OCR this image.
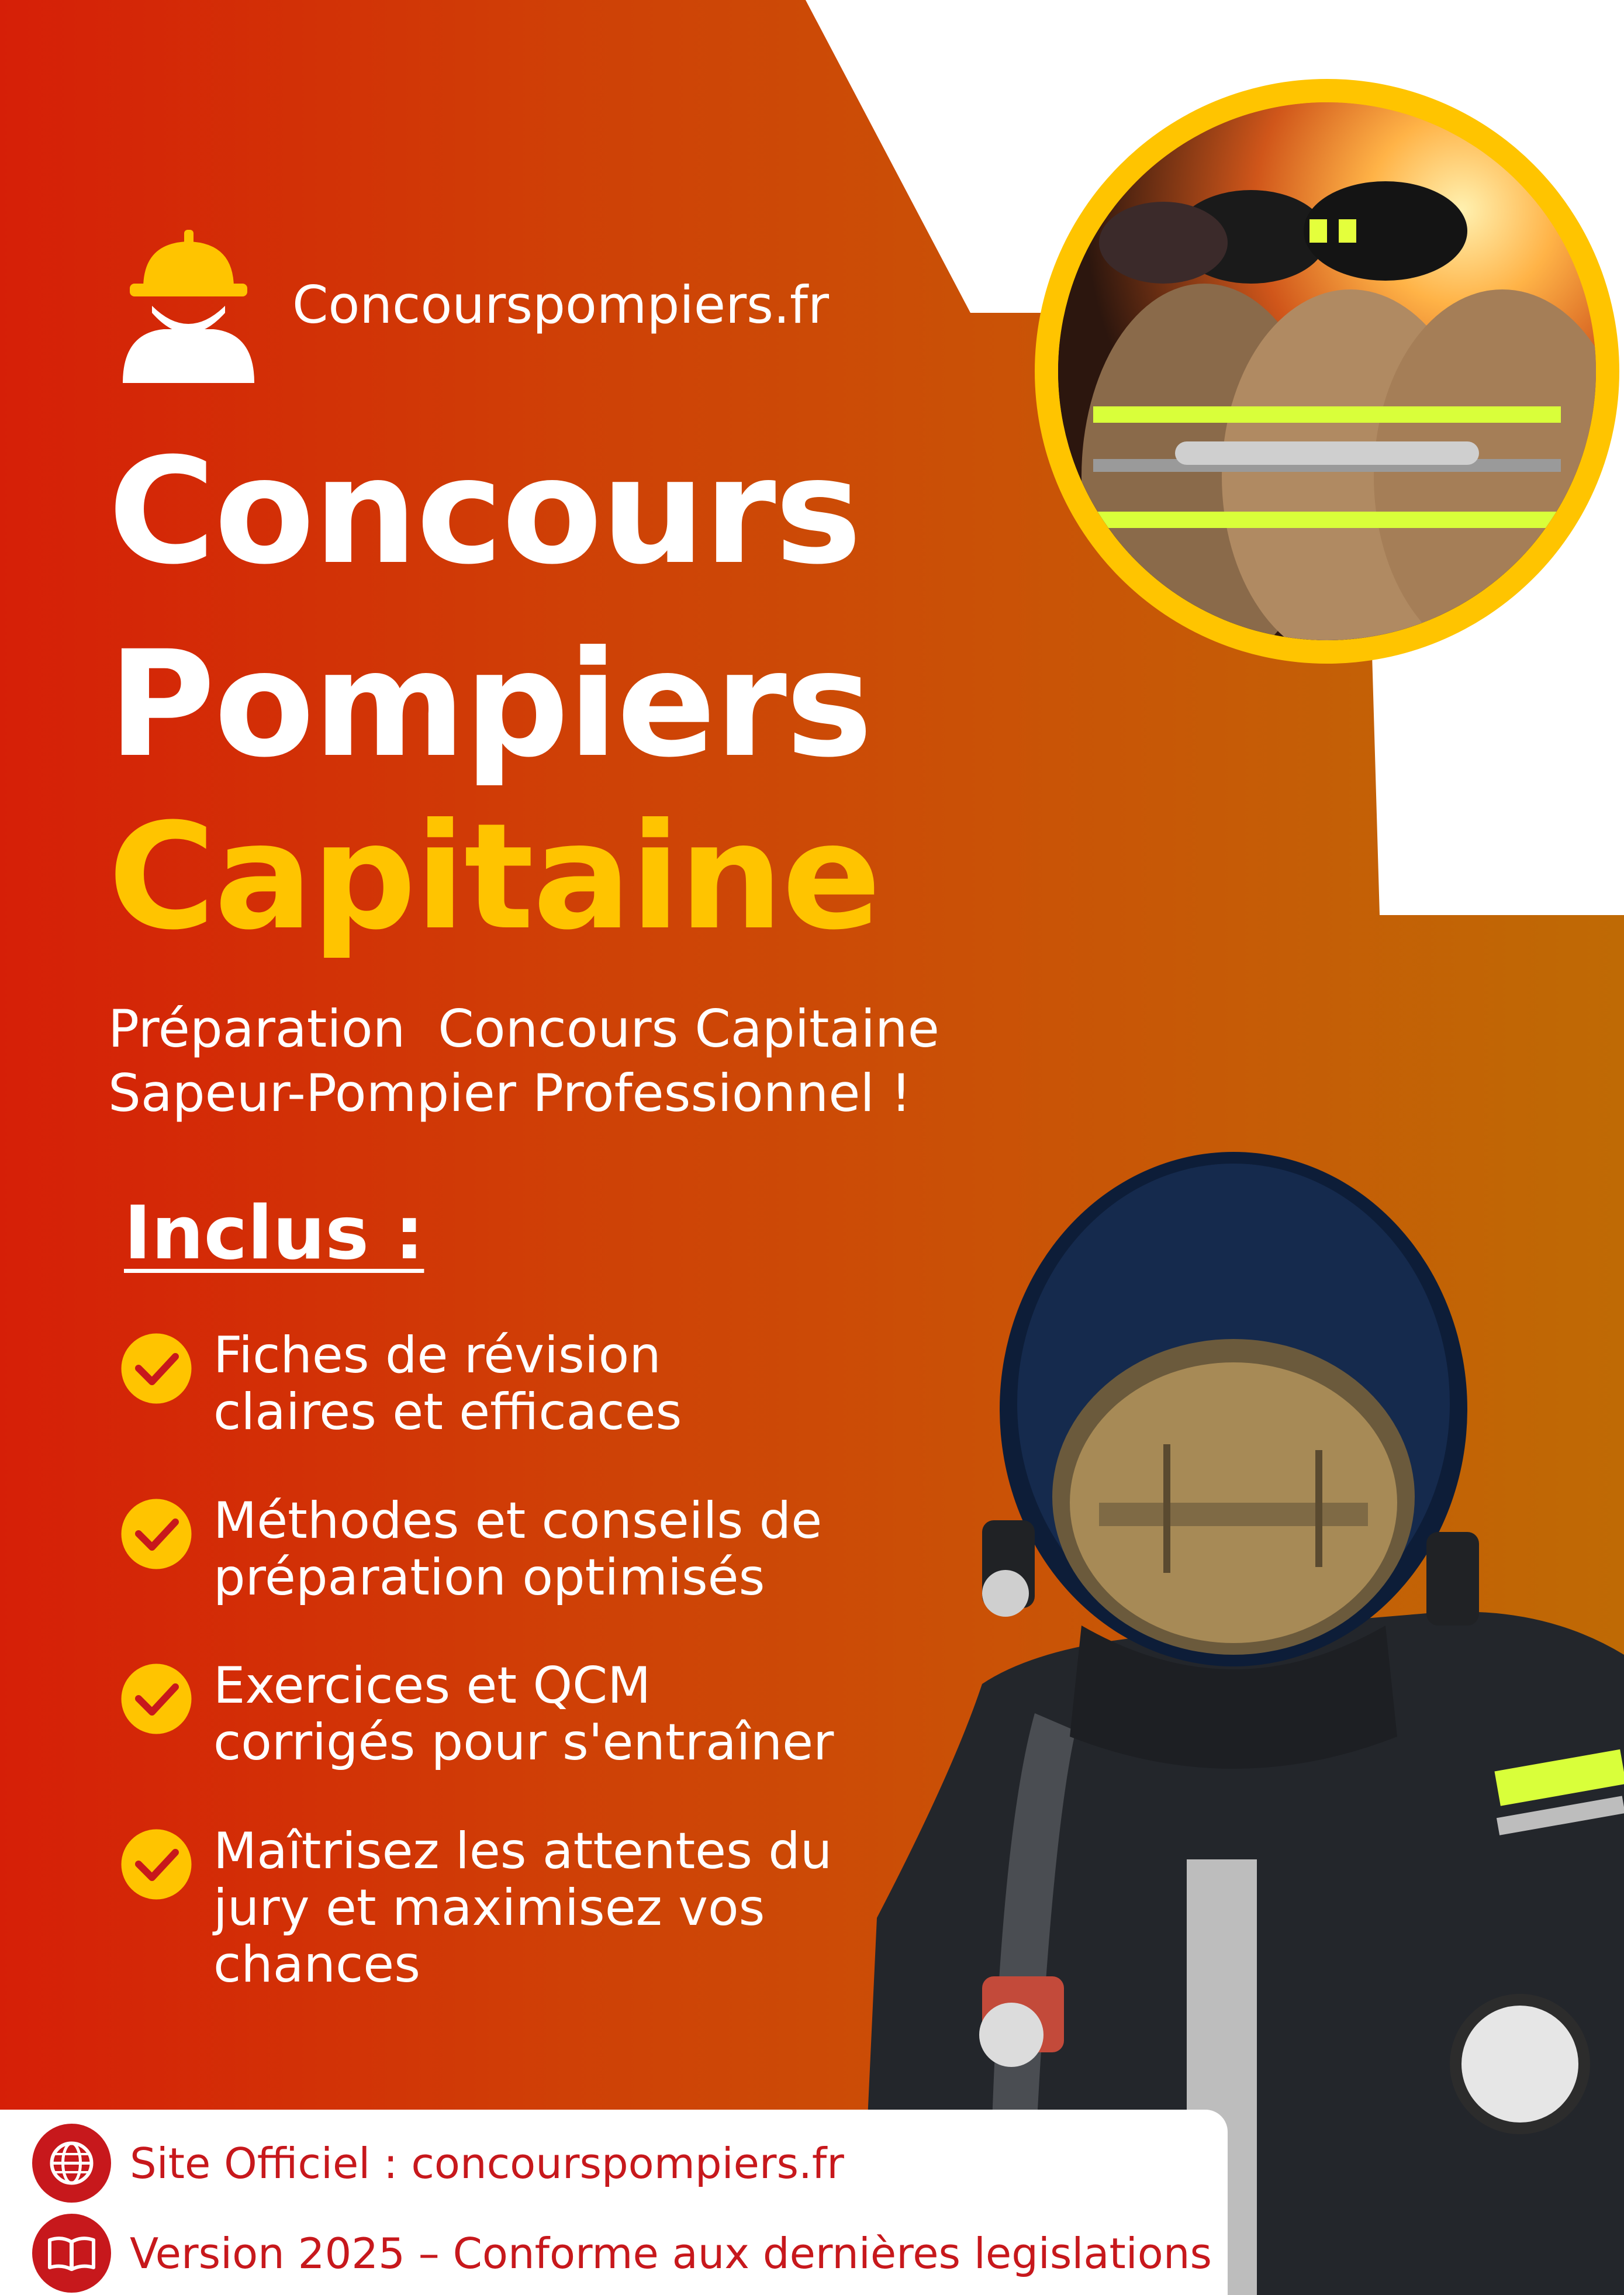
Concourspompiers.fr
Concours
Pompiers
Capitaine
Préparation  Concours Capitaine
Sapeur-Pompier Professionnel !
Inclus :
Fiches de révision
claires et efficaces
Méthodes et conseils de
préparation optimisés
Exercices et QCM
corrigés pour s'entraîner
Maîtrisez les attentes du
jury et maximisez vos
chances
Site Officiel : concourspompiers.fr
Version 2025 – Conforme aux dernières legislations
